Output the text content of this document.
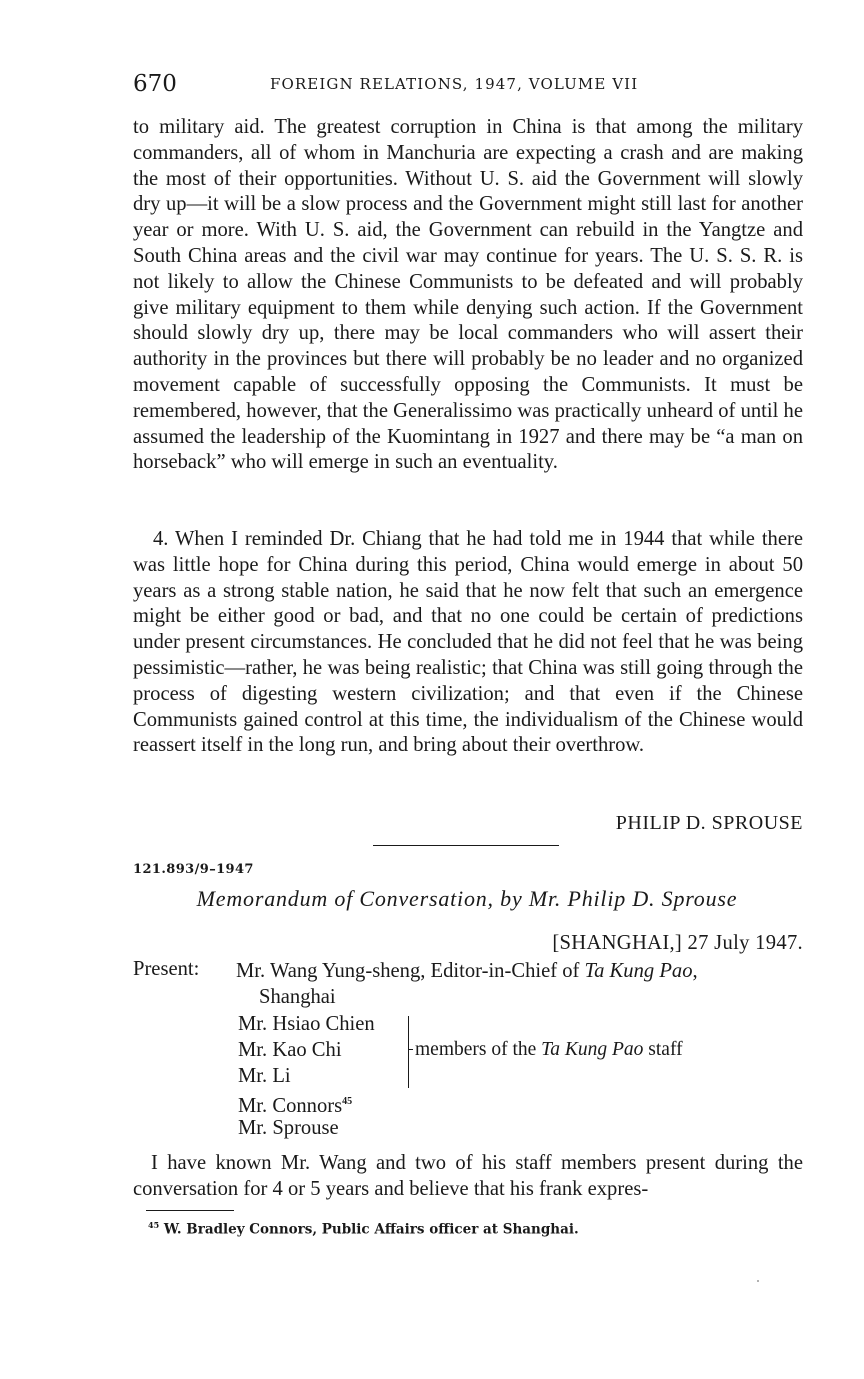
670	FOREIGN RELATIONS, 1947, VOLUME VII

to military aid. The greatest corruption in China is that among the military commanders, all of whom in Manchuria are expecting a crash and are making the most of their opportunities. Without U. S. aid the Government will slowly dry up—it will be a slow process and the Government might still last for another year or more. With U. S. aid, the Government can rebuild in the Yangtze and South China areas and the civil war may continue for years. The U. S. S. R. is not likely to allow the Chinese Communists to be defeated and will probably give military equipment to them while denying such action. If the Government should slowly dry up, there may be local commanders who will assert their authority in the provinces but there will probably be no leader and no organized movement capable of successfully opposing the Communists. It must be remembered, however, that the Generalissimo was practically unheard of until he assumed the leadership of the Kuomintang in 1927 and there may be “a man on horseback” who will emerge in such an eventuality.

4. When I reminded Dr. Chiang that he had told me in 1944 that while there was little hope for China during this period, China would emerge in about 50 years as a strong stable nation, he said that he now felt that such an emergence might be either good or bad, and that no one could be certain of predictions under present circumstances. He concluded that he did not feel that he was being pessimistic—rather, he was being realistic; that China was still going through the process of digesting western civilization; and that even if the Chinese Communists gained control at this time, the individualism of the Chinese would reassert itself in the long run, and bring about their overthrow.

PHILIP D. SPROUSE
121.893/9–1947
Memorandum of Conversation, by Mr. Philip D. Sprouse
[SHANGHAI,] 27 July 1947.
Present: Mr. Wang Yung-sheng, Editor-in-Chief of Ta Kung Pao,
Shanghai
Mr. Hsiao Chien
Mr. Kao Chi
Mr. Li
Mr. Connors$^{45}$
Mr. Sprouse
members of the Ta Kung Pao staff

I have known Mr. Wang and two of his staff members present during the conversation for 4 or 5 years and believe that his frank expres-

$^{45}$ W. Bradley Connors, Public Affairs officer at Shanghai.
